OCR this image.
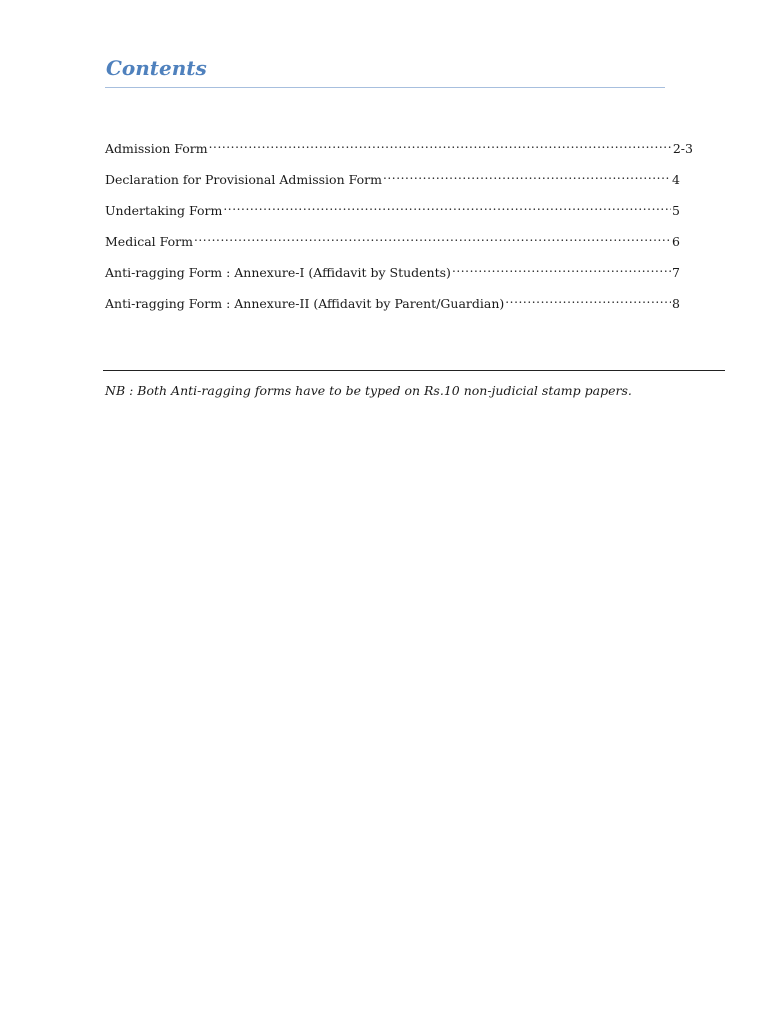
Contents
Admission Form .....	2-3
Declaration for Provisional Admission Form .....	4
Undertaking Form .....	5
Medical Form .....	6
Anti-ragging Form : Annexure-I (Affidavit by Students) .....	7
Anti-ragging Form : Annexure-II (Affidavit by Parent/Guardian) .....	8

NB : Both Anti-ragging forms have to be typed on Rs.10 non-judicial stamp papers.
